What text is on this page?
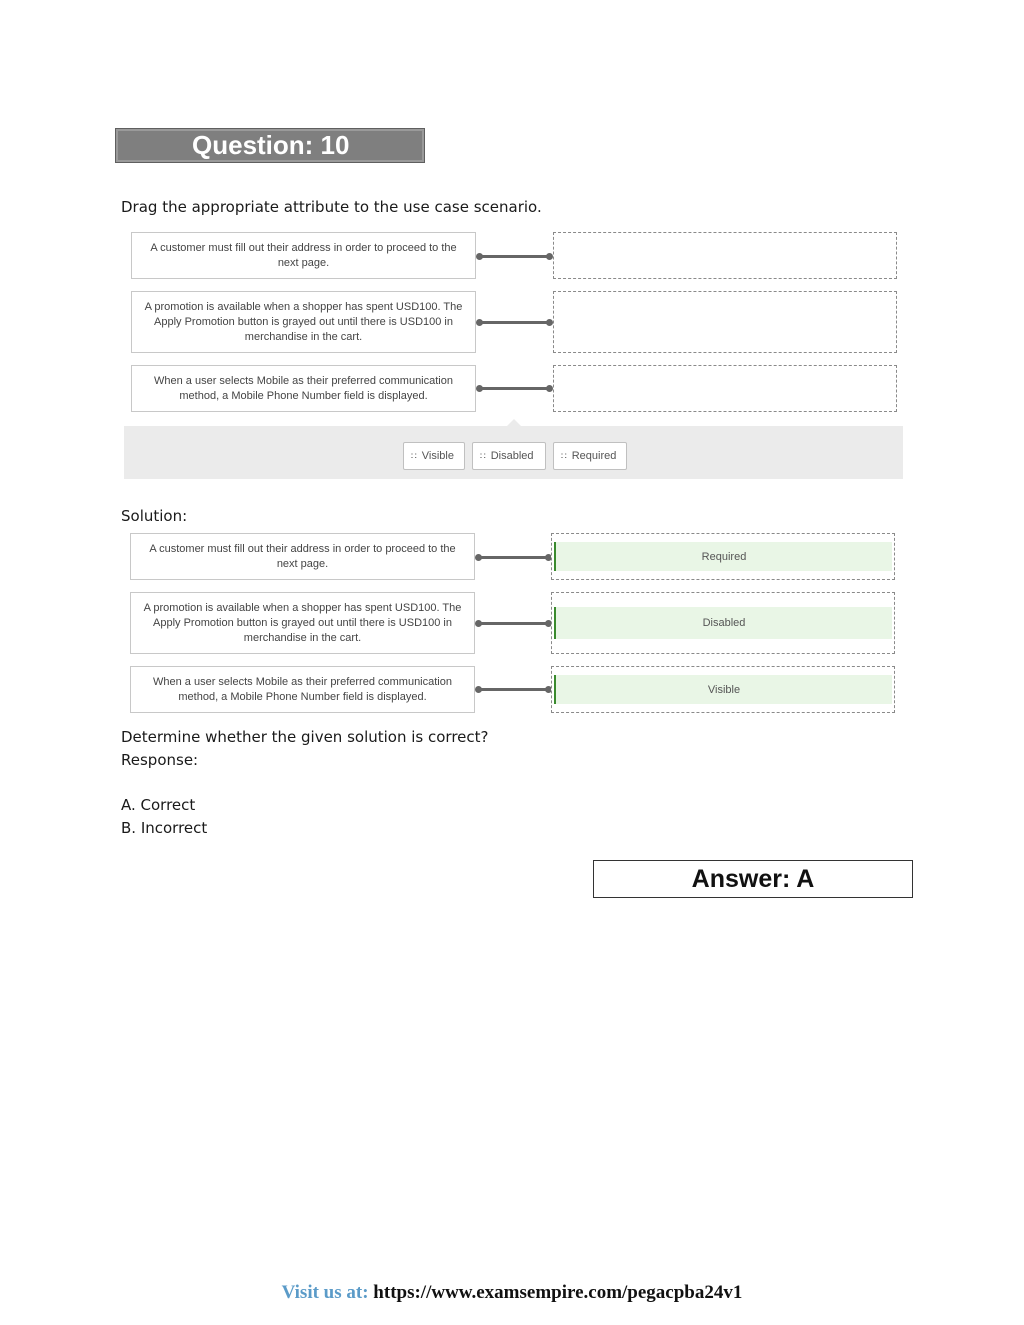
Question: 10
Drag the appropriate attribute to the use case scenario.
A customer must fill out their address in order to proceed to the next page.
A promotion is available when a shopper has spent USD100. The Apply Promotion button is grayed out until there is USD100 in merchandise in the cart.
When a user selects Mobile as their preferred communication method, a Mobile Phone Number field is displayed.
∷ Visible	∷ Disabled	∷ Required
Solution:
A customer must fill out their address in order to proceed to the next page.
Required
A promotion is available when a shopper has spent USD100. The Apply Promotion button is grayed out until there is USD100 in merchandise in the cart.
Disabled
When a user selects Mobile as their preferred communication method, a Mobile Phone Number field is displayed.
Visible
Determine whether the given solution is correct?
Response:
A. Correct
B. Incorrect
Answer: A
Visit us at: https://www.examsempire.com/pegacpba24v1
